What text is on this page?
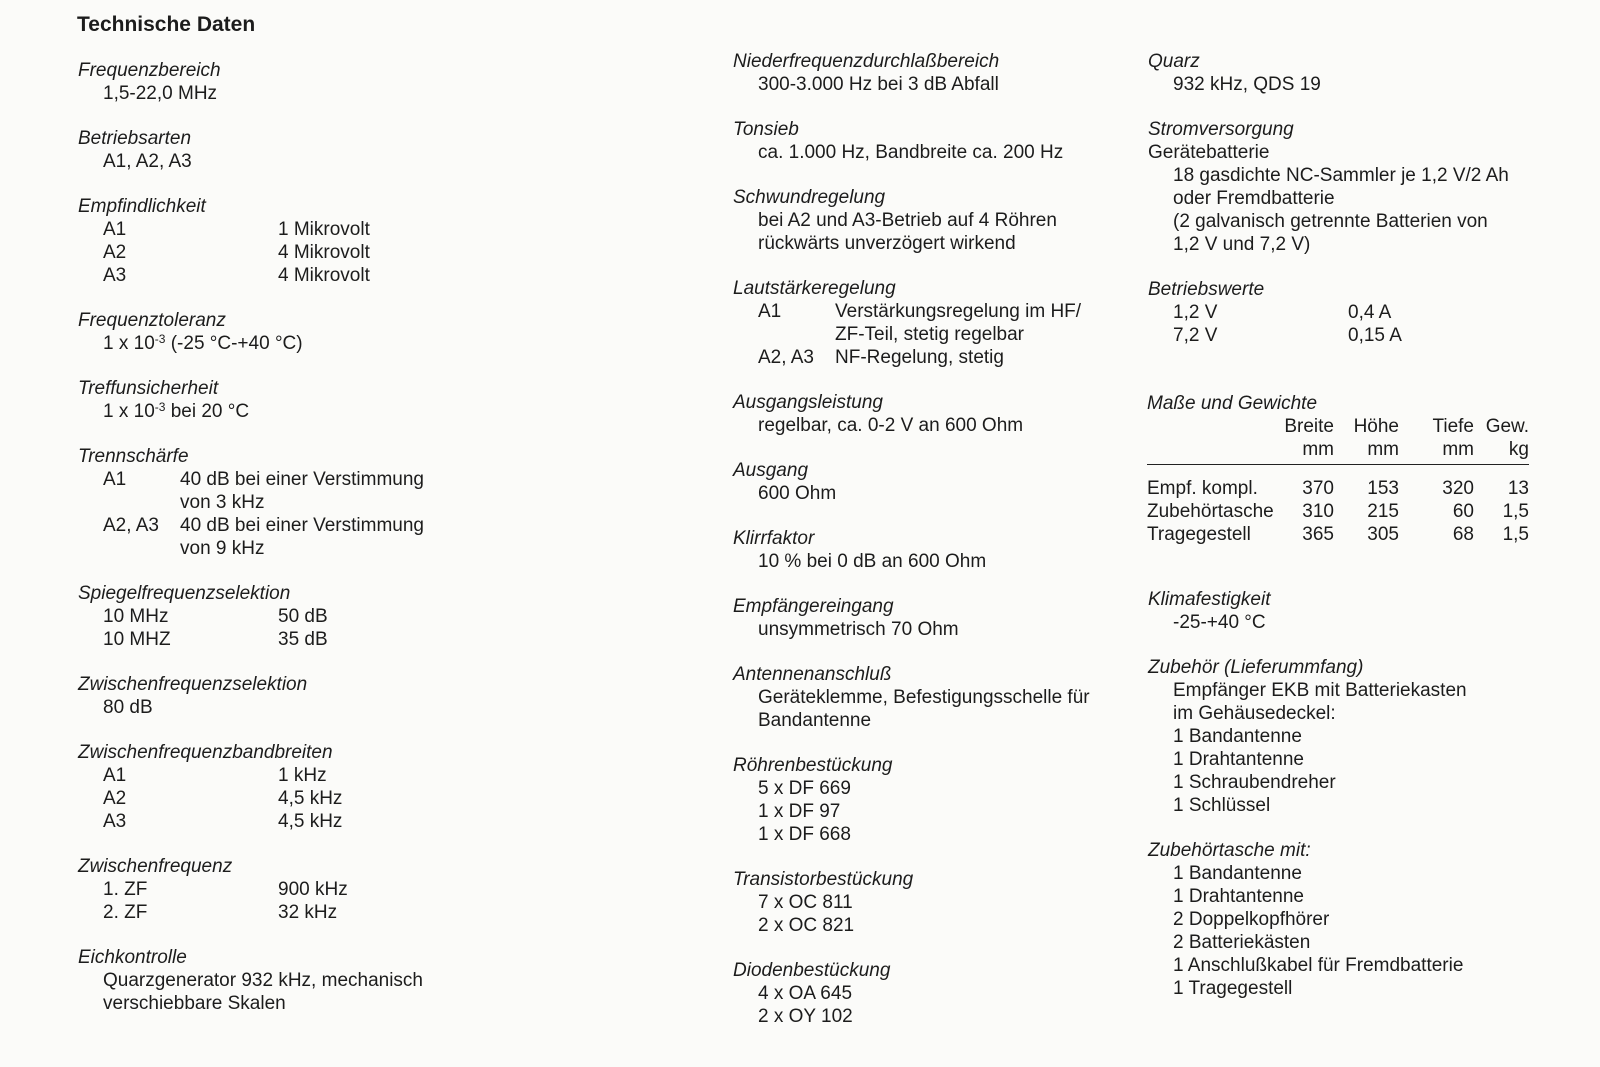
Technische Daten
Frequenzbereich
1,5-22,0 MHz
Betriebsarten
A1, A2, A3
Empfindlichkeit
A1	1 Mikrovolt
A2	4 Mikrovolt
A3	4 Mikrovolt
Frequenztoleranz
1 x $10^{-3}$ (-25 °C-+40 °C)
Treffunsicherheit
1 x $10^{-3}$ bei 20 °C
Trennschärfe
A1	40 dB bei einer Verstimmung
von 3 kHz
A2, A3	40 dB bei einer Verstimmung
von 9 kHz
Spiegelfrequenzselektion
10 MHz	50 dB
10 MHZ	35 dB
Zwischenfrequenzselektion
80 dB
Zwischenfrequenzbandbreiten
A1	1 kHz
A2	4,5 kHz
A3	4,5 kHz
Zwischenfrequenz
1. ZF	900 kHz
2. ZF	32 kHz
Eichkontrolle
Quarzgenerator 932 kHz, mechanisch
verschiebbare Skalen
Niederfrequenzdurchlaßbereich
300-3.000 Hz bei 3 dB Abfall
Tonsieb
ca. 1.000 Hz, Bandbreite ca. 200 Hz
Schwundregelung
bei A2 und A3-Betrieb auf 4 Röhren
rückwärts unverzögert wirkend
Lautstärkeregelung
A1	Verstärkungsregelung im HF/
ZF-Teil, stetig regelbar
A2, A3	NF-Regelung, stetig
Ausgangsleistung
regelbar, ca. 0-2 V an 600 Ohm
Ausgang
600 Ohm
Klirrfaktor
10 % bei 0 dB an 600 Ohm
Empfängereingang
unsymmetrisch 70 Ohm
Antennenanschluß
Geräteklemme, Befestigungsschelle für
Bandantenne
Röhrenbestückung
5 x DF 669
1 x DF 97
1 x DF 668
Transistorbestückung
7 x OC 811
2 x OC 821
Diodenbestückung
4 x OA 645
2 x OY 102
Quarz
932 kHz, QDS 19
Stromversorgung
Gerätebatterie
18 gasdichte NC-Sammler je 1,2 V/2 Ah
oder Fremdbatterie
(2 galvanisch getrennte Batterien von
1,2 V und 7,2 V)
Betriebswerte
1,2 V	0,4 A
7,2 V	0,15 A
Maße und Gewichte
	Breite	Höhe	Tiefe	Gew.
	mm	mm	mm	kg
Empf. kompl.	370	153	320	13
Zubehörtasche	310	215	60	1,5
Tragegestell	365	305	68	1,5
Klimafestigkeit
-25-+40 °C
Zubehör (Lieferummfang)
Empfänger EKB mit Batteriekasten
im Gehäusedeckel:
1 Bandantenne
1 Drahtantenne
1 Schraubendreher
1 Schlüssel
Zubehörtasche mit:
1 Bandantenne
1 Drahtantenne
2 Doppelkopfhörer
2 Batteriekästen
1 Anschlußkabel für Fremdbatterie
1 Tragegestell
